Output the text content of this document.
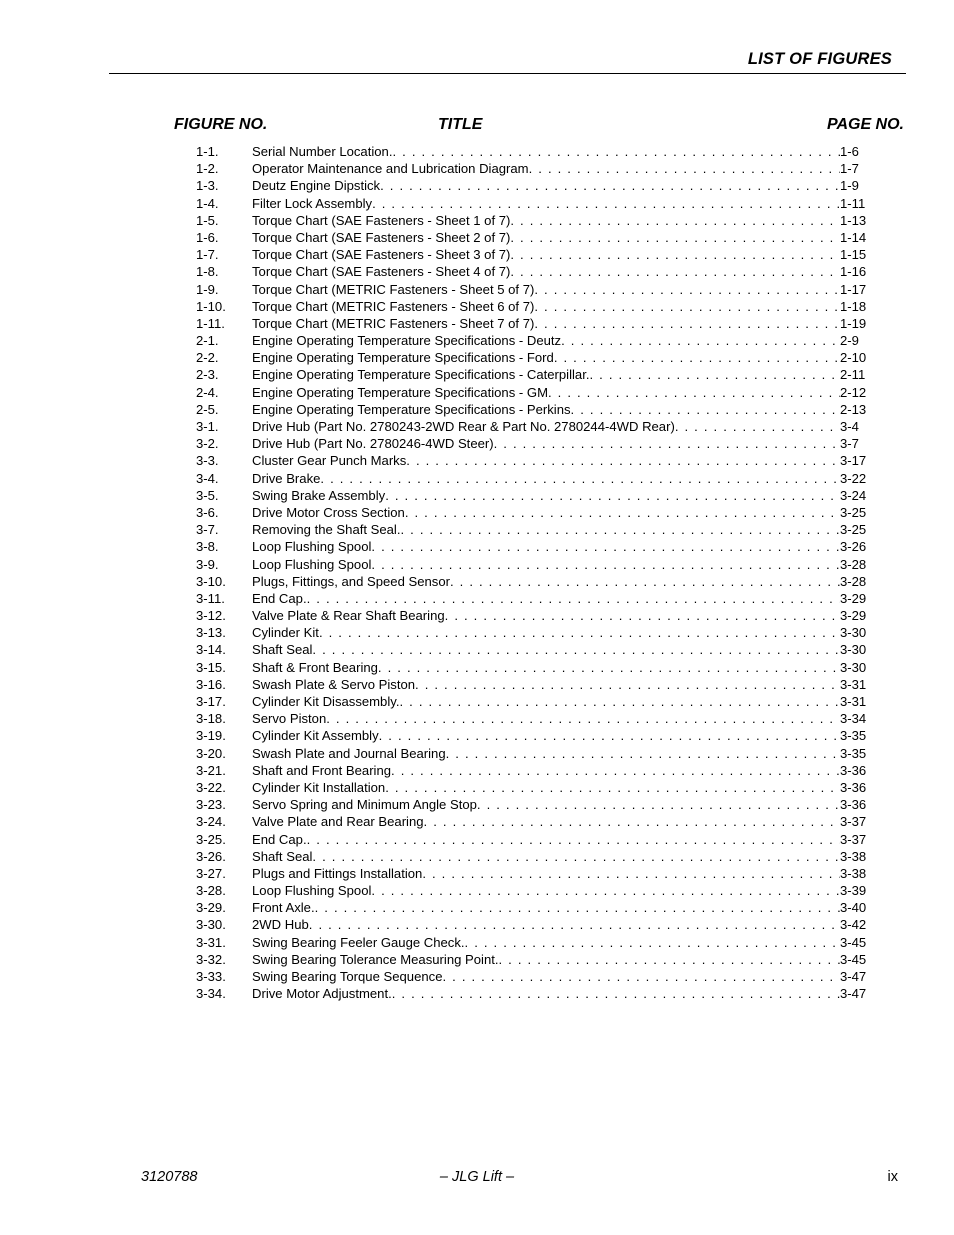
LIST OF FIGURES
FIGURE NO.	TITLE	PAGE NO.
1-1.	Serial Number Location. . . .	1-6
1-2.	Operator Maintenance and Lubrication Diagram . . .	1-7
1-3.	Deutz Engine Dipstick . . .	1-9
1-4.	Filter Lock Assembly . . .	1-11
1-5.	Torque Chart (SAE Fasteners - Sheet 1 of 7) . . .	1-13
1-6.	Torque Chart (SAE Fasteners - Sheet 2 of 7) . . .	1-14
1-7.	Torque Chart (SAE Fasteners - Sheet 3 of 7) . . .	1-15
1-8.	Torque Chart (SAE Fasteners - Sheet 4 of 7) . . .	1-16
1-9.	Torque Chart (METRIC Fasteners - Sheet 5 of 7) . . .	1-17
1-10.	Torque Chart (METRIC Fasteners - Sheet 6 of 7) . . .	1-18
1-11.	Torque Chart (METRIC Fasteners - Sheet 7 of 7) . . .	1-19
2-1.	Engine Operating Temperature Specifications - Deutz . . .	2-9
2-2.	Engine Operating Temperature Specifications - Ford . . .	2-10
2-3.	Engine Operating Temperature Specifications - Caterpillar. . . .	2-11
2-4.	Engine Operating Temperature Specifications - GM . . .	2-12
2-5.	Engine Operating Temperature Specifications - Perkins . . .	2-13
3-1.	Drive Hub (Part No. 2780243-2WD Rear & Part No. 2780244-4WD Rear) . . .	3-4
3-2.	Drive Hub (Part No. 2780246-4WD Steer) . . .	3-7
3-3.	Cluster Gear Punch Marks . . .	3-17
3-4.	Drive Brake . . .	3-22
3-5.	Swing Brake Assembly . . .	3-24
3-6.	Drive Motor Cross Section . . .	3-25
3-7.	Removing the Shaft Seal. . . .	3-25
3-8.	Loop Flushing Spool . . .	3-26
3-9.	Loop Flushing Spool . . .	3-28
3-10.	Plugs, Fittings, and Speed Sensor . . .	3-28
3-11.	End Cap. . . .	3-29
3-12.	Valve Plate & Rear Shaft Bearing . . .	3-29
3-13.	Cylinder Kit . . .	3-30
3-14.	Shaft Seal . . .	3-30
3-15.	Shaft & Front Bearing . . .	3-30
3-16.	Swash Plate & Servo Piston . . .	3-31
3-17.	Cylinder Kit Disassembly. . . .	3-31
3-18.	Servo Piston . . .	3-34
3-19.	Cylinder Kit Assembly . . .	3-35
3-20.	Swash Plate and Journal Bearing . . .	3-35
3-21.	Shaft and Front Bearing . . .	3-36
3-22.	Cylinder Kit Installation . . .	3-36
3-23.	Servo Spring and Minimum Angle Stop . . .	3-36
3-24.	Valve Plate and Rear Bearing . . .	3-37
3-25.	End Cap. . . .	3-37
3-26.	Shaft Seal . . .	3-38
3-27.	Plugs and Fittings Installation . . .	3-38
3-28.	Loop Flushing Spool . . .	3-39
3-29.	Front Axle. . . .	3-40
3-30.	2WD Hub . . .	3-42
3-31.	Swing Bearing Feeler Gauge Check. . . .	3-45
3-32.	Swing Bearing Tolerance Measuring Point. . . .	3-45
3-33.	Swing Bearing Torque Sequence . . .	3-47
3-34.	Drive Motor Adjustment. . . .	3-47
3120788	– JLG Lift –	ix
